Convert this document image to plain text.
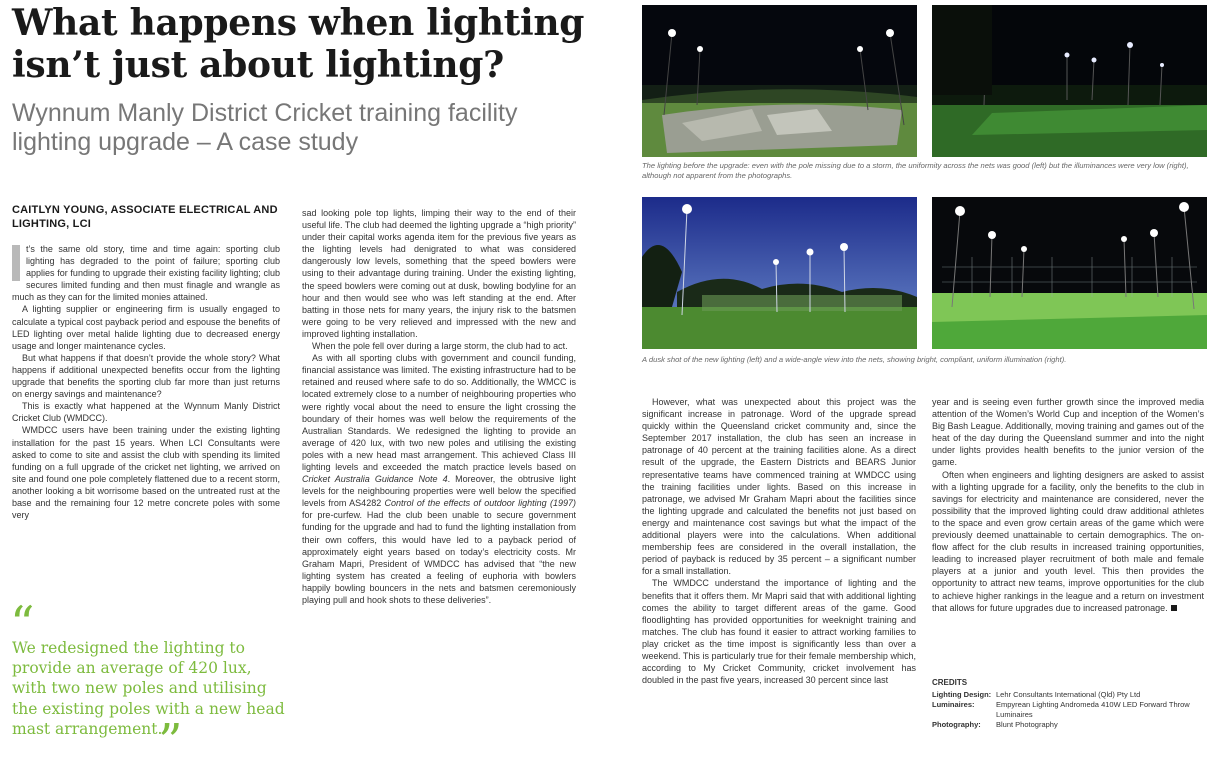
What happens when lighting isn’t just about lighting?
Wynnum Manly District Cricket training facility lighting upgrade – A case study
CAITLYN YOUNG, ASSOCIATE ELECTRICAL AND LIGHTING, LCI

t’s the same old story, time and time again: sporting club lighting has degraded to the point of failure; sporting club applies for funding to upgrade their existing facility lighting; club secures limited funding and then must finagle and wrangle as much as they can for the limited monies attained.

A lighting supplier or engineering firm is usually engaged to calculate a typical cost payback period and espouse the benefits of LED lighting over metal halide lighting due to decreased energy usage and longer maintenance cycles.

But what happens if that doesn’t provide the whole story? What happens if additional unexpected benefits occur from the lighting upgrade that benefits the sporting club far more than just returns on energy savings and maintenance?

This is exactly what happened at the Wynnum Manly District Cricket Club (WMDCC).

WMDCC users have been training under the existing lighting installation for the past 15 years. When LCI Consultants were asked to come to site and assist the club with spending its limited funding on a full upgrade of the cricket net lighting, we arrived on site and found one pole completely flattened due to a recent storm, another looking a bit worrisome based on the untreated rust at the base and the remaining four 12 metre concrete poles with some very

“

We redesigned the lighting to provide an average of 420 lux, with two new poles and utilising the existing poles with a new head mast arrangement.

”

sad looking pole top lights, limping their way to the end of their useful life. The club had deemed the lighting upgrade a “high priority” under their capital works agenda item for the previous five years as the lighting levels had denigrated to what was considered dangerously low levels, something that the speed bowlers were using to their advantage during training. Under the existing lighting, the speed bowlers were coming out at dusk, bowling bodyline for an hour and then would see who was left standing at the end. After batting in those nets for many years, the injury risk to the batsmen were going to be very relieved and impressed with the new and improved lighting installation.

When the pole fell over during a large storm, the club had to act.

As with all sporting clubs with government and council funding, financial assistance was limited. The existing infrastructure had to be retained and reused where safe to do so. Additionally, the WMCC is located extremely close to a number of neighbouring properties who were rightly vocal about the need to ensure the light crossing the boundary of their homes was well below the requirements of the Australian Standards. We redesigned the lighting to provide an average of 420 lux, with two new poles and utilising the existing poles with a new head mast arrangement. This achieved Class III lighting levels and exceeded the match practice levels based on Cricket Australia Guidance Note 4. Moreover, the obtrusive light levels for the neighbouring properties were well below the specified levels from AS4282 Control of the effects of outdoor lighting (1997) for pre-curfew. Had the club been unable to secure government funding for the upgrade and had to fund the lighting installation from their own coffers, this would have led to a payback period of approximately eight years based on today’s electricity costs. Mr Graham Mapri, President of WMDCC has advised that “the new lighting system has created a feeling of euphoria with bowlers happily bowling bouncers in the nets and batsmen ceremoniously playing pull and hook shots to these deliveries”.

The lighting before the upgrade: even with the pole missing due to a storm, the uniformity across the nets was good (left) but the illuminances were very low (right), although not apparent from the photographs.

A dusk shot of the new lighting (left) and a wide-angle view into the nets, showing bright, compliant, uniform illumination (right).

However, what was unexpected about this project was the significant increase in patronage. Word of the upgrade spread quickly within the Queensland cricket community and, since the September 2017 installation, the club has seen an increase in patronage of 40 percent at the training facilities alone. As a direct result of the upgrade, the Eastern Districts and BEARS Junior representative teams have commenced training at WMDCC using the training facilities under lights. Based on this increase in patronage, we advised Mr Graham Mapri about the facilities since the lighting upgrade and calculated the benefits not just based on energy and maintenance cost savings but what the impact of the additional players were into the calculations. When additional membership fees are considered in the overall installation, the period of payback is reduced by 35 percent – a significant number for a small installation.

The WMDCC understand the importance of lighting and the benefits that it offers them. Mr Mapri said that with additional lighting comes the ability to target different areas of the game. Good floodlighting has provided opportunities for weeknight training and matches. The club has found it easier to attract working families to play cricket as the time impost is significantly less than over a weekend. This is particularly true for their female membership which, according to My Cricket Community, cricket involvement has doubled in the past five years, increased 30 percent since last

year and is seeing even further growth since the improved media attention of the Women’s World Cup and inception of the Women’s Big Bash League. Additionally, moving training and games out of the heat of the day during the Queensland summer and into the night under lights provides health benefits to the junior version of the game.

Often when engineers and lighting designers are asked to assist with a lighting upgrade for a facility, only the benefits to the club in savings for electricity and maintenance are considered, never the possibility that the improved lighting could draw additional athletes to the space and even grow certain areas of the game which were previously deemed unattainable to certain demographics. The on-flow affect for the club results in increased training opportunities, leading to increased player recruitment of both male and female players at a junior and youth level. This then provides the opportunity to attract new teams, improve opportunities for the club to achieve higher rankings in the league and a return on investment that allows for future upgrades due to increased patronage.

CREDITS
Lighting Design: Lehr Consultants International (Qld) Pty Ltd
Luminaires:	Empyrean Lighting Andromeda 410W LED Forward Throw Luminaires
Photography:	Blunt Photography
